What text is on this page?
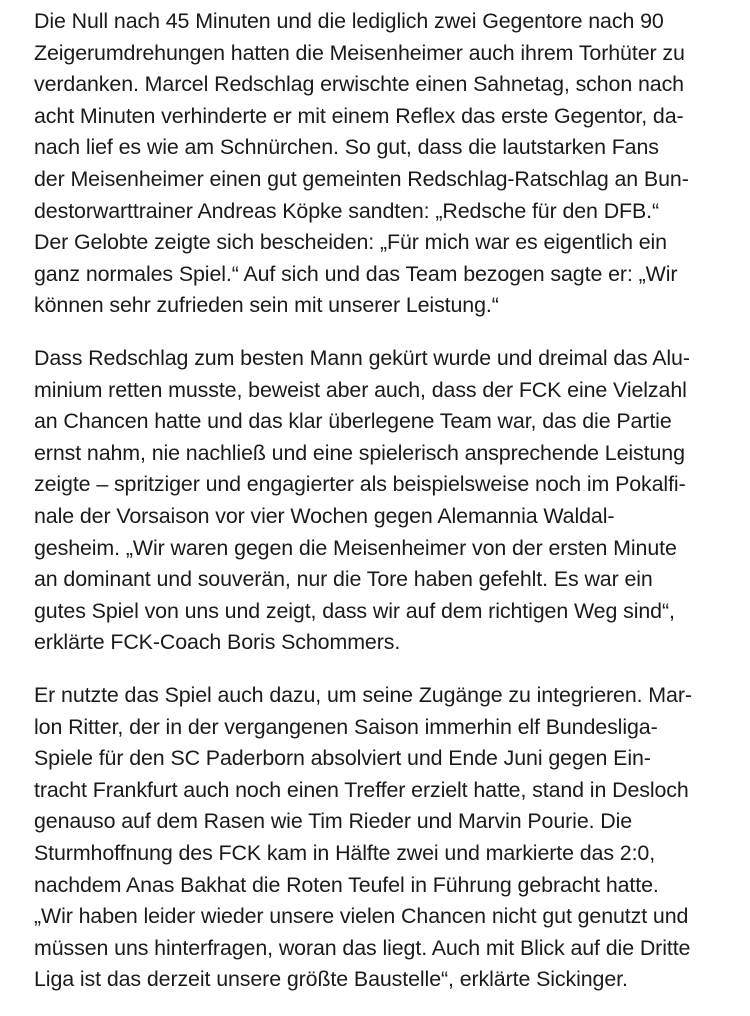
Die Null nach 45 Minuten und die lediglich zwei Gegentore nach 90
Zeigerumdrehungen hatten die Meisenheimer auch ihrem Torhüter zu
verdanken. Marcel Redschlag erwischte einen Sahnetag, schon nach
acht Minuten verhinderte er mit einem Reflex das erste Gegentor, da-
nach lief es wie am Schnürchen. So gut, dass die lautstarken Fans
der Meisenheimer einen gut gemeinten Redschlag-Ratschlag an Bun-
destorwarttrainer Andreas Köpke sandten: „Redsche für den DFB.“
Der Gelobte zeigte sich bescheiden: „Für mich war es eigentlich ein
ganz normales Spiel.“ Auf sich und das Team bezogen sagte er: „Wir
können sehr zufrieden sein mit unserer Leistung.“

Dass Redschlag zum besten Mann gekürt wurde und dreimal das Alu-
minium retten musste, beweist aber auch, dass der FCK eine Vielzahl
an Chancen hatte und das klar überlegene Team war, das die Partie
ernst nahm, nie nachließ und eine spielerisch ansprechende Leistung
zeigte – spritziger und engagierter als beispielsweise noch im Pokalfi-
nale der Vorsaison vor vier Wochen gegen Alemannia Waldal-
gesheim. „Wir waren gegen die Meisenheimer von der ersten Minute
an dominant und souverän, nur die Tore haben gefehlt. Es war ein
gutes Spiel von uns und zeigt, dass wir auf dem richtigen Weg sind“,
erklärte FCK-Coach Boris Schommers.

Er nutzte das Spiel auch dazu, um seine Zugänge zu integrieren. Mar-
lon Ritter, der in der vergangenen Saison immerhin elf Bundesliga-
Spiele für den SC Paderborn absolviert und Ende Juni gegen Ein-
tracht Frankfurt auch noch einen Treffer erzielt hatte, stand in Desloch
genauso auf dem Rasen wie Tim Rieder und Marvin Pourie. Die
Sturmhoffnung des FCK kam in Hälfte zwei und markierte das 2:0,
nachdem Anas Bakhat die Roten Teufel in Führung gebracht hatte.
„Wir haben leider wieder unsere vielen Chancen nicht gut genutzt und
müssen uns hinterfragen, woran das liegt. Auch mit Blick auf die Dritte
Liga ist das derzeit unsere größte Baustelle“, erklärte Sickinger.
